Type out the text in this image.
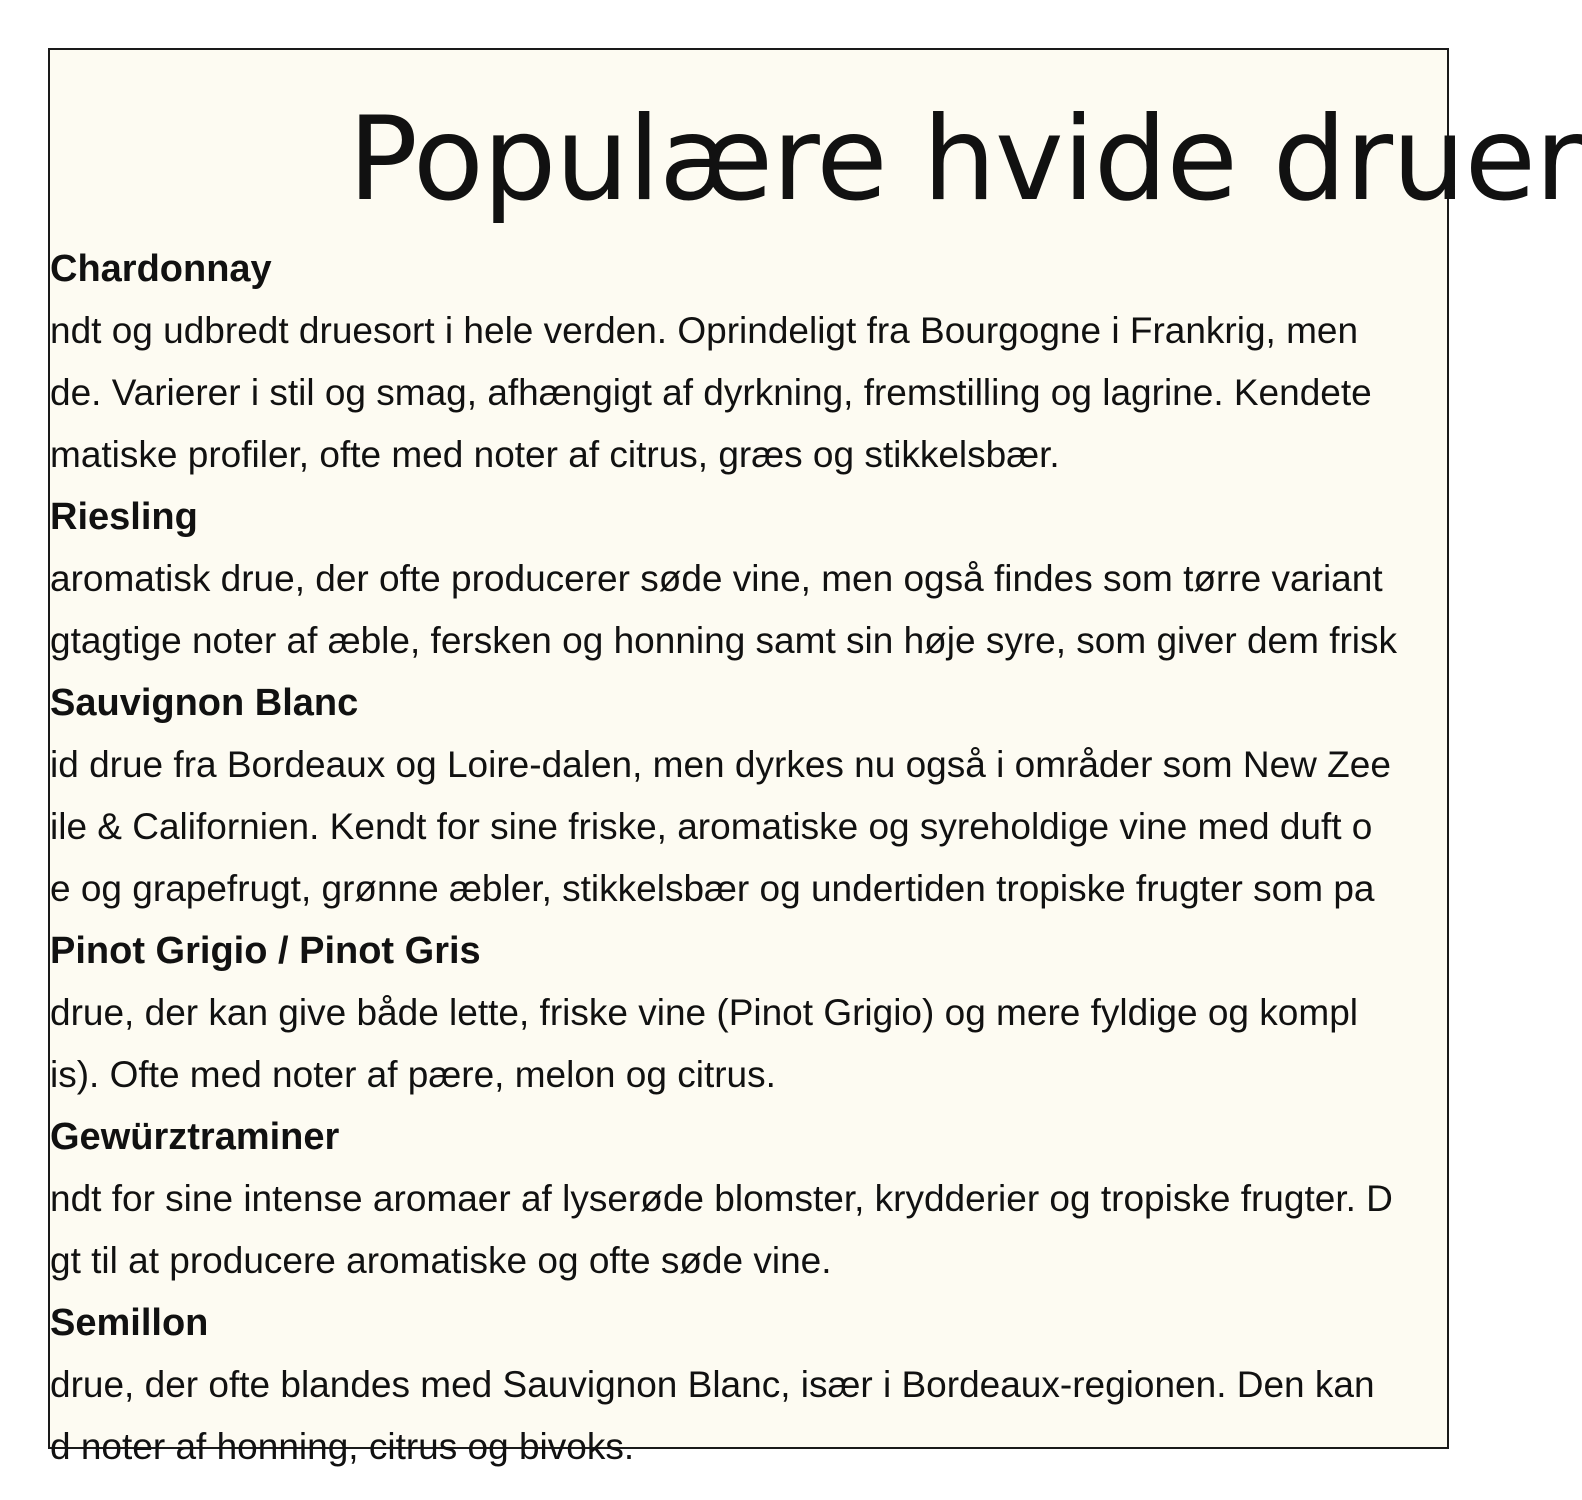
Populære hvide druer
Chardonnay

ndt og udbredt druesort i hele verden. Oprindeligt fra Bourgogne i Frankrig, men

de. Varierer i stil og smag, afhængigt af dyrkning, fremstilling og lagrine. Kendete

matiske profiler, ofte med noter af citrus, græs og stikkelsbær.

Riesling

aromatisk drue, der ofte producerer søde vine, men også findes som tørre variant

gtagtige noter af æble, fersken og honning samt sin høje syre, som giver dem frisk

Sauvignon Blanc

id drue fra Bordeaux og Loire-dalen, men dyrkes nu også i områder som New Zee

ile & Californien. Kendt for sine friske, aromatiske og syreholdige vine med duft o

e og grapefrugt, grønne æbler, stikkelsbær og undertiden tropiske frugter som pa

Pinot Grigio / Pinot Gris

drue, der kan give både lette, friske vine (Pinot Grigio) og mere fyldige og kompl

is). Ofte med noter af pære, melon og citrus.

Gewürztraminer

ndt for sine intense aromaer af lyserøde blomster, krydderier og tropiske frugter. D

gt til at producere aromatiske og ofte søde vine.

Semillon

drue, der ofte blandes med Sauvignon Blanc, især i Bordeaux-regionen. Den kan

d noter af honning, citrus og bivoks.
